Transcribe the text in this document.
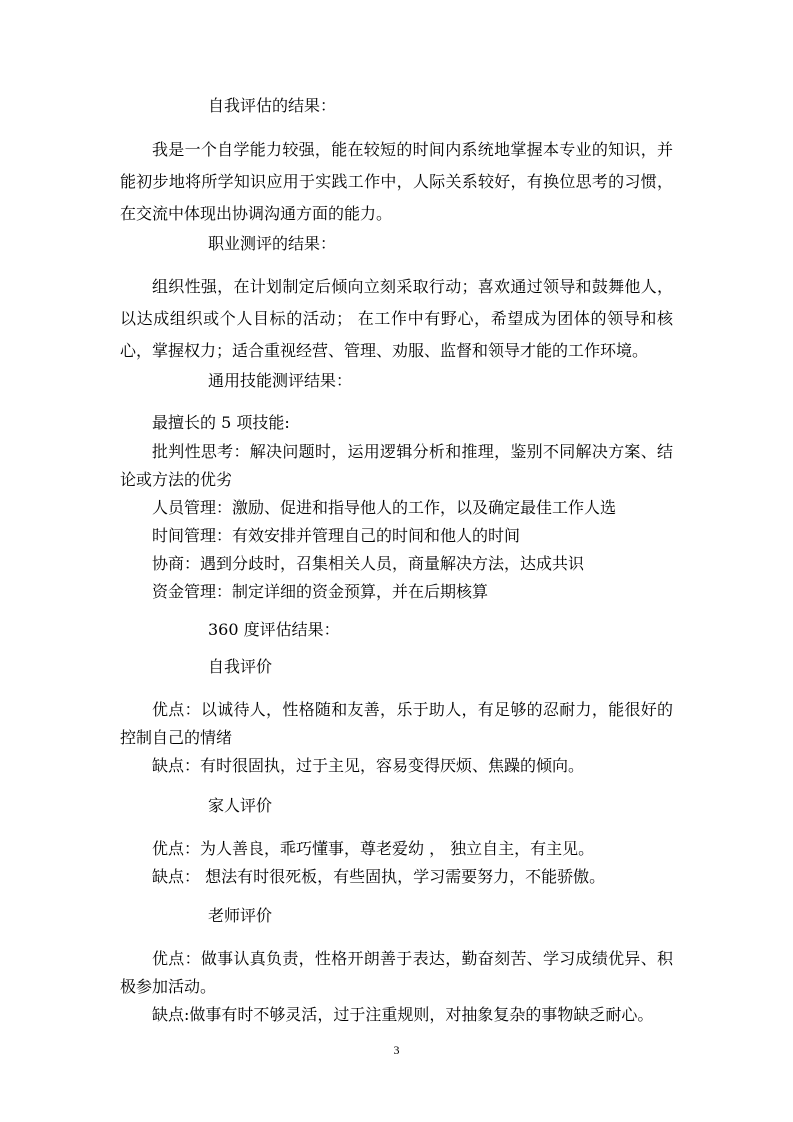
自我评估的结果：
我是一个自学能力较强，能在较短的时间内系统地掌握本专业的知识，并能初步地将所学知识应用于实践工作中，人际关系较好，有换位思考的习惯，在交流中体现出协调沟通方面的能力。
职业测评的结果：
组织性强，在计划制定后倾向立刻采取行动；喜欢通过领导和鼓舞他人，以达成组织或个人目标的活动； 在工作中有野心，希望成为团体的领导和核心，掌握权力；适合重视经营、管理、劝服、监督和领导才能的工作环境。
通用技能测评结果：
最擅长的 5 项技能:
批判性思考：解决问题时，运用逻辑分析和推理，鉴别不同解决方案、结论或方法的优劣
人员管理：激励、促进和指导他人的工作，以及确定最佳工作人选
时间管理：有效安排并管理自己的时间和他人的时间
协商：遇到分歧时，召集相关人员，商量解决方法，达成共识
资金管理：制定详细的资金预算，并在后期核算
360 度评估结果：
自我评价
优点：以诚待人，性格随和友善，乐于助人，有足够的忍耐力，能很好的控制自己的情绪
缺点：有时很固执，过于主见，容易变得厌烦、焦躁的倾向。
家人评价
优点：为人善良，乖巧懂事，尊老爱幼 ， 独立自主，有主见。
缺点： 想法有时很死板，有些固执，学习需要努力，不能骄傲。
老师评价
优点：做事认真负责，性格开朗善于表达，勤奋刻苦、学习成绩优异、积极参加活动。
缺点:做事有时不够灵活，过于注重规则，对抽象复杂的事物缺乏耐心。
3
